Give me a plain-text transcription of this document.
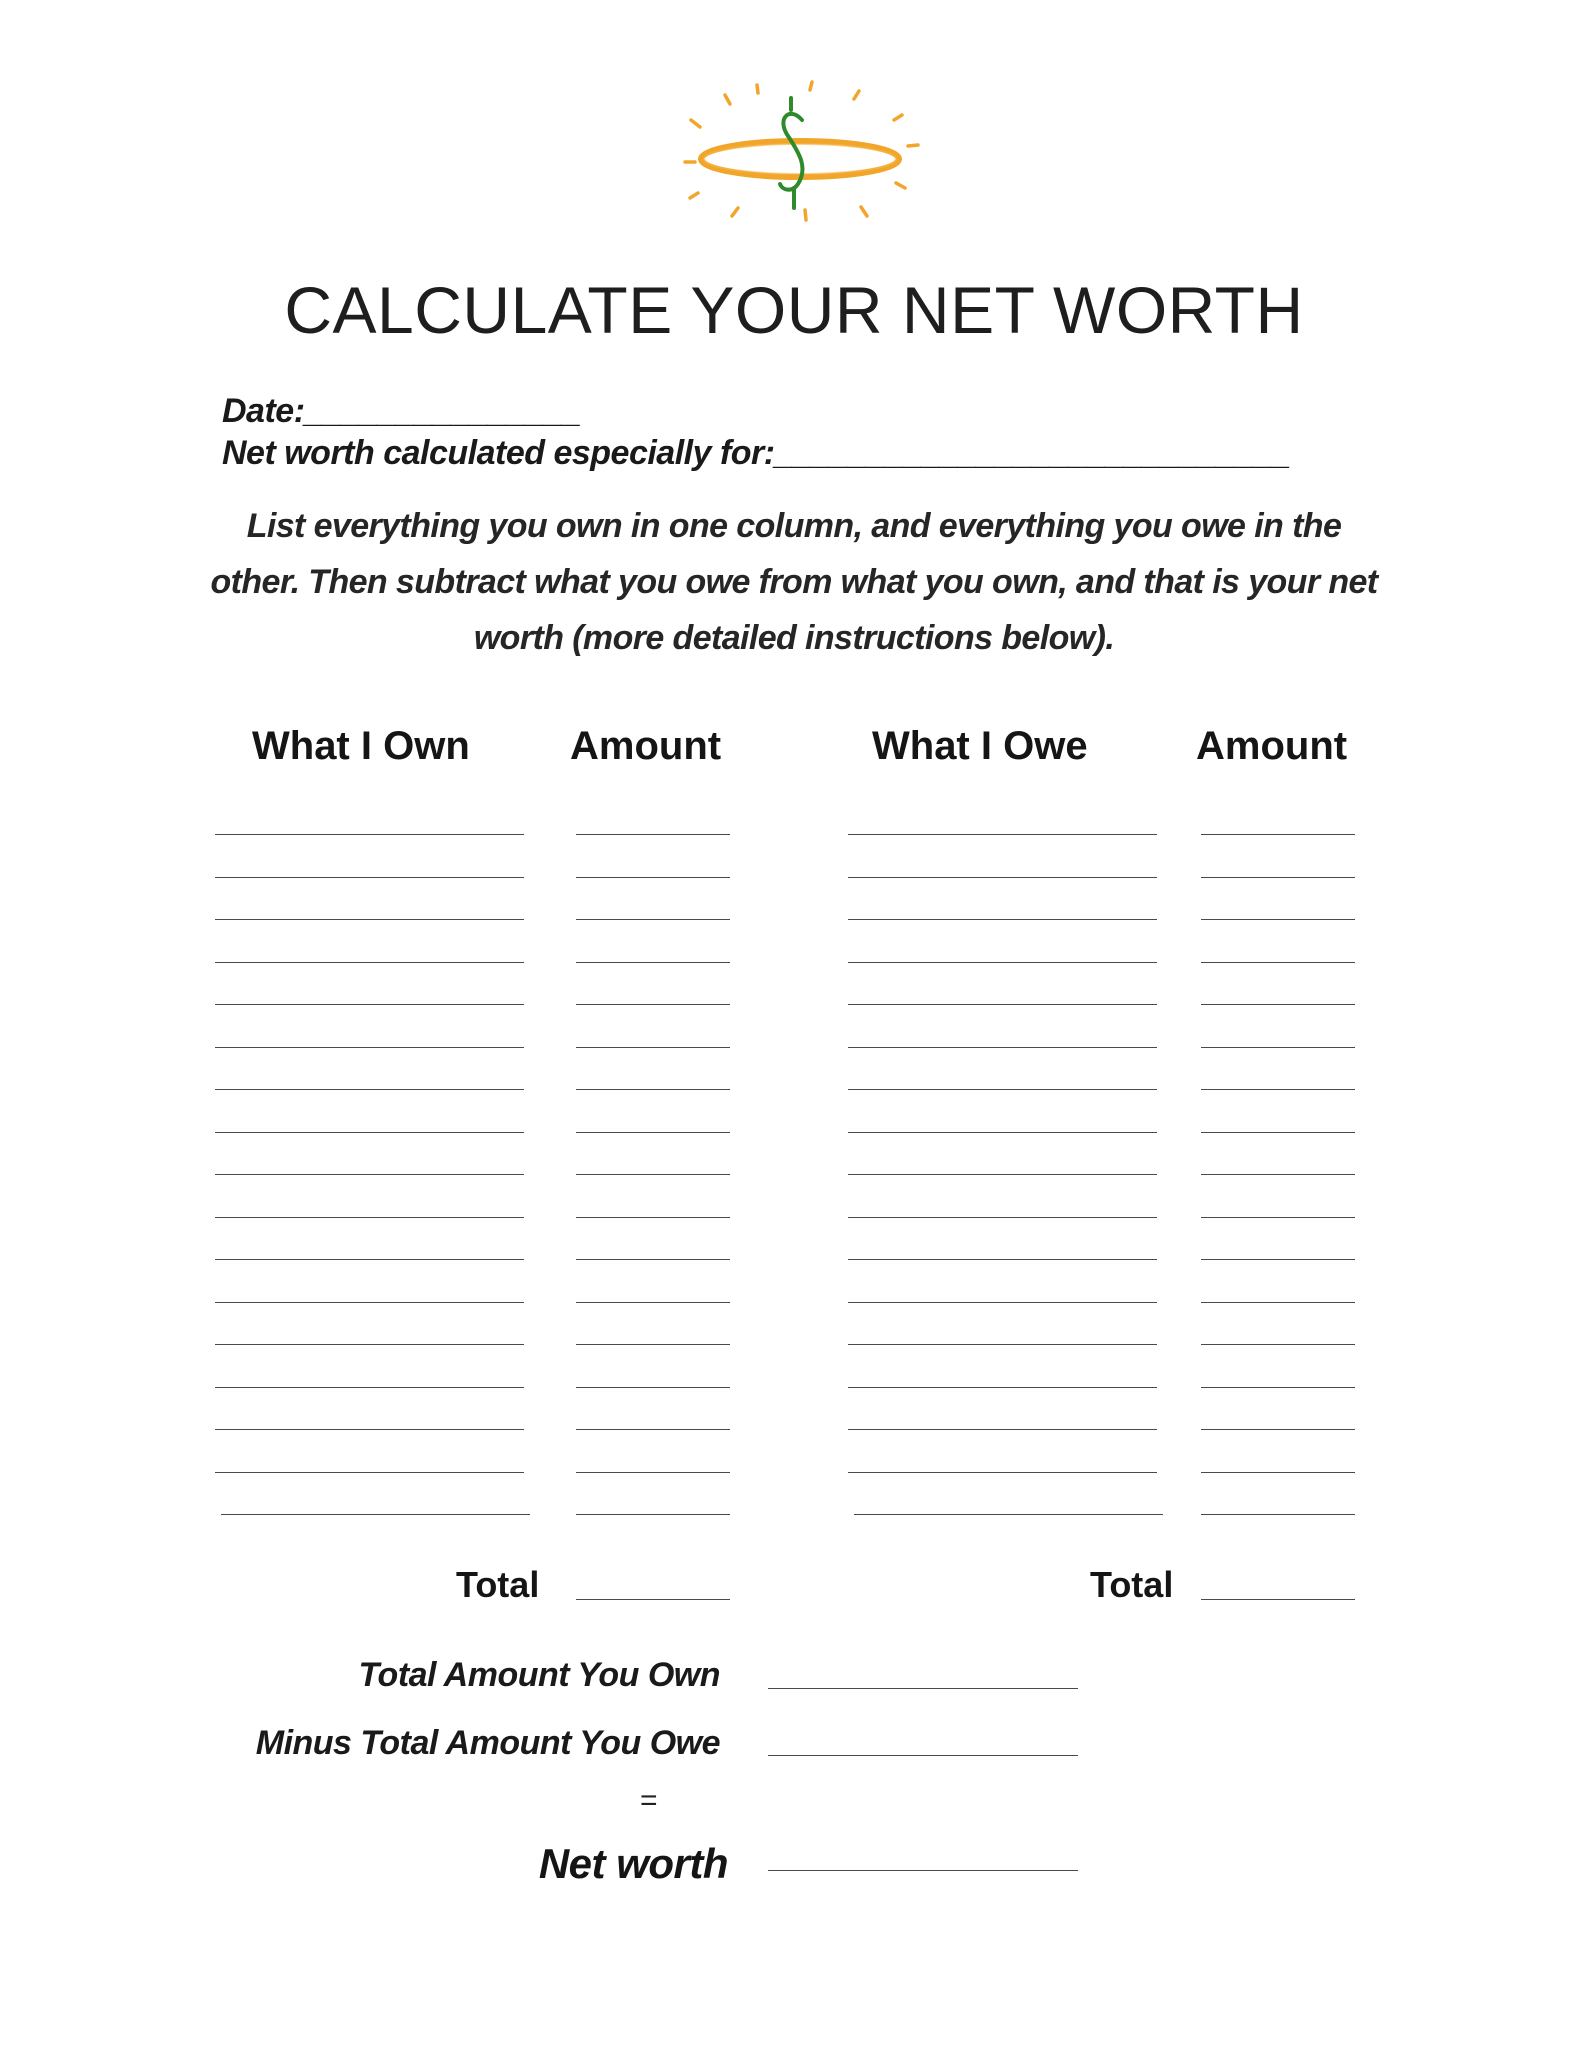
CALCULATE YOUR NET WORTH
Date:_______________
Net worth calculated especially for:____________________________
List everything you own in one column, and everything you owe in the other. Then subtract what you owe from what you own, and that is your net worth (more detailed instructions below).
What I Own	Amount	What I Owe	Amount
Total	Total
Total Amount You Own
Minus Total Amount You Owe
=
Net worth
